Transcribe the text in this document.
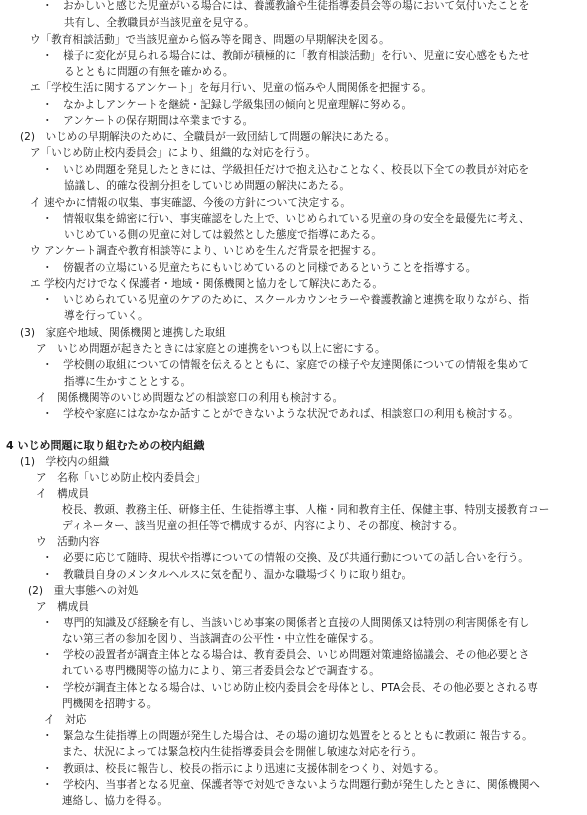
・　おかしいと感じた児童がいる場合には、養護教諭や生徒指導委員会等の場において気付いたことを
共有し、全教職員が当該児童を見守る。
ウ「教育相談活動」で当該児童から悩み等を聞き、問題の早期解決を図る。
・　様子に変化が見られる場合には、教師が積極的に「教育相談活動」を行い、児童に安心感をもたせ
るとともに問題の有無を確かめる。
エ「学校生活に関するアンケート」を毎月行い、児童の悩みや人間関係を把握する。
・　なかよしアンケートを継続・記録し学級集団の傾向と児童理解に努める。
・　アンケートの保存期間は卒業までする。
(2)　いじめの早期解決のために、全職員が一致団結して問題の解決にあたる。
ア「いじめ防止校内委員会」により、組織的な対応を行う。
・　いじめ問題を発見したときには、学級担任だけで抱え込むことなく、校長以下全ての教員が対応を
協議し、的確な役割分担をしていじめ問題の解決にあたる。
イ 速やかに情報の収集、事実確認、今後の方針について決定する。
・　情報収集を綿密に行い、事実確認をした上で、いじめられている児童の身の安全を最優先に考え、
いじめている側の児童に対しては毅然とした態度で指導にあたる。
ウ アンケート調査や教育相談等により、いじめを生んだ背景を把握する。
・　傍観者の立場にいる児童たちにもいじめているのと同様であるということを指導する。
エ 学校内だけでなく保護者・地域・関係機関と協力をして解決にあたる。
・　いじめられている児童のケアのために、スクールカウンセラーや養護教諭と連携を取りながら、指
導を行っていく。
(3)　家庭や地域、関係機関と連携した取組
ア　いじめ問題が起きたときには家庭との連携をいつも以上に密にする。
・　学校側の取組についての情報を伝えるとともに、家庭での様子や友達関係についての情報を集めて
指導に生かすこととする。
イ　関係機関等のいじめ問題などの相談窓口の利用も検討する。
・　学校や家庭にはなかなか話すことができないような状況であれば、相談窓口の利用も検討する。
4 いじめ問題に取り組むための校内組織
(1)　学校内の組織
ア　名称「いじめ防止校内委員会」
イ　構成員
校長、教頭、教務主任、研修主任、生徒指導主事、人権・同和教育主任、保健主事、特別支援教育コー
ディネーター、該当児童の担任等で構成するが、内容により、その都度、検討する。
ウ　活動内容
・　必要に応じて随時、現状や指導についての情報の交換、及び共通行動についての話し合いを行う。
・　教職員自身のメンタルヘルスに気を配り、温かな職場づくりに取り組む。
(2)　重大事態への対処
ア　構成員
・　専門的知識及び経験を有し、当該いじめ事案の関係者と直接の人間関係又は特別の利害関係を有し
ない第三者の参加を図り、当該調査の公平性・中立性を確保する。
・　学校の設置者が調査主体となる場合は、教育委員会、いじめ問題対策連絡協議会、その他必要とさ
れている専門機関等の協力により、第三者委員会などで調査する。
・　学校が調査主体となる場合は、いじめ防止校内委員会を母体とし、PTA会長、その他必要とされる専
門機関を招聘する。
イ　対応
・　緊急な生徒指導上の問題が発生した場合は、その場の適切な処置をとるとともに教頭に 報告する。
また、状況によっては緊急校内生徒指導委員会を開催し敏速な対応を行う。
・　教頭は、校長に報告し、校長の指示により迅速に支援体制をつくり、対処する。
・　学校内、当事者となる児童、保護者等で対処できないような問題行動が発生したときに、関係機関へ
連絡し、協力を得る。
